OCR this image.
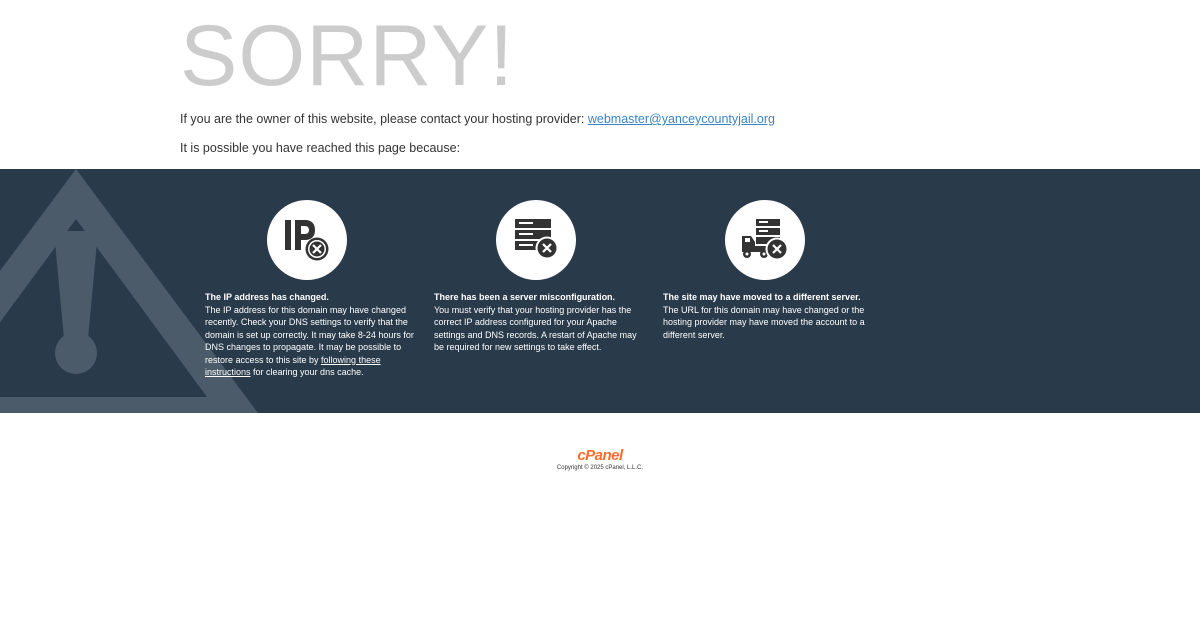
SORRY!

If you are the owner of this website, please contact your hosting provider: webmaster@yanceycountyjail.org

It is possible you have reached this page because:

The IP address has changed.
The IP address for this domain may have changed recently. Check your DNS settings to verify that the domain is set up correctly. It may take 8-24 hours for DNS changes to propagate. It may be possible to restore access to this site by following these instructions for clearing your dns cache.
There has been a server misconfiguration.
You must verify that your hosting provider has the correct IP address configured for your Apache settings and DNS records. A restart of Apache may be required for new settings to take effect.
The site may have moved to a different server.
The URL for this domain may have changed or the hosting provider may have moved the account to a different server.
cPanel
Copyright © 2025 cPanel, L.L.C.
